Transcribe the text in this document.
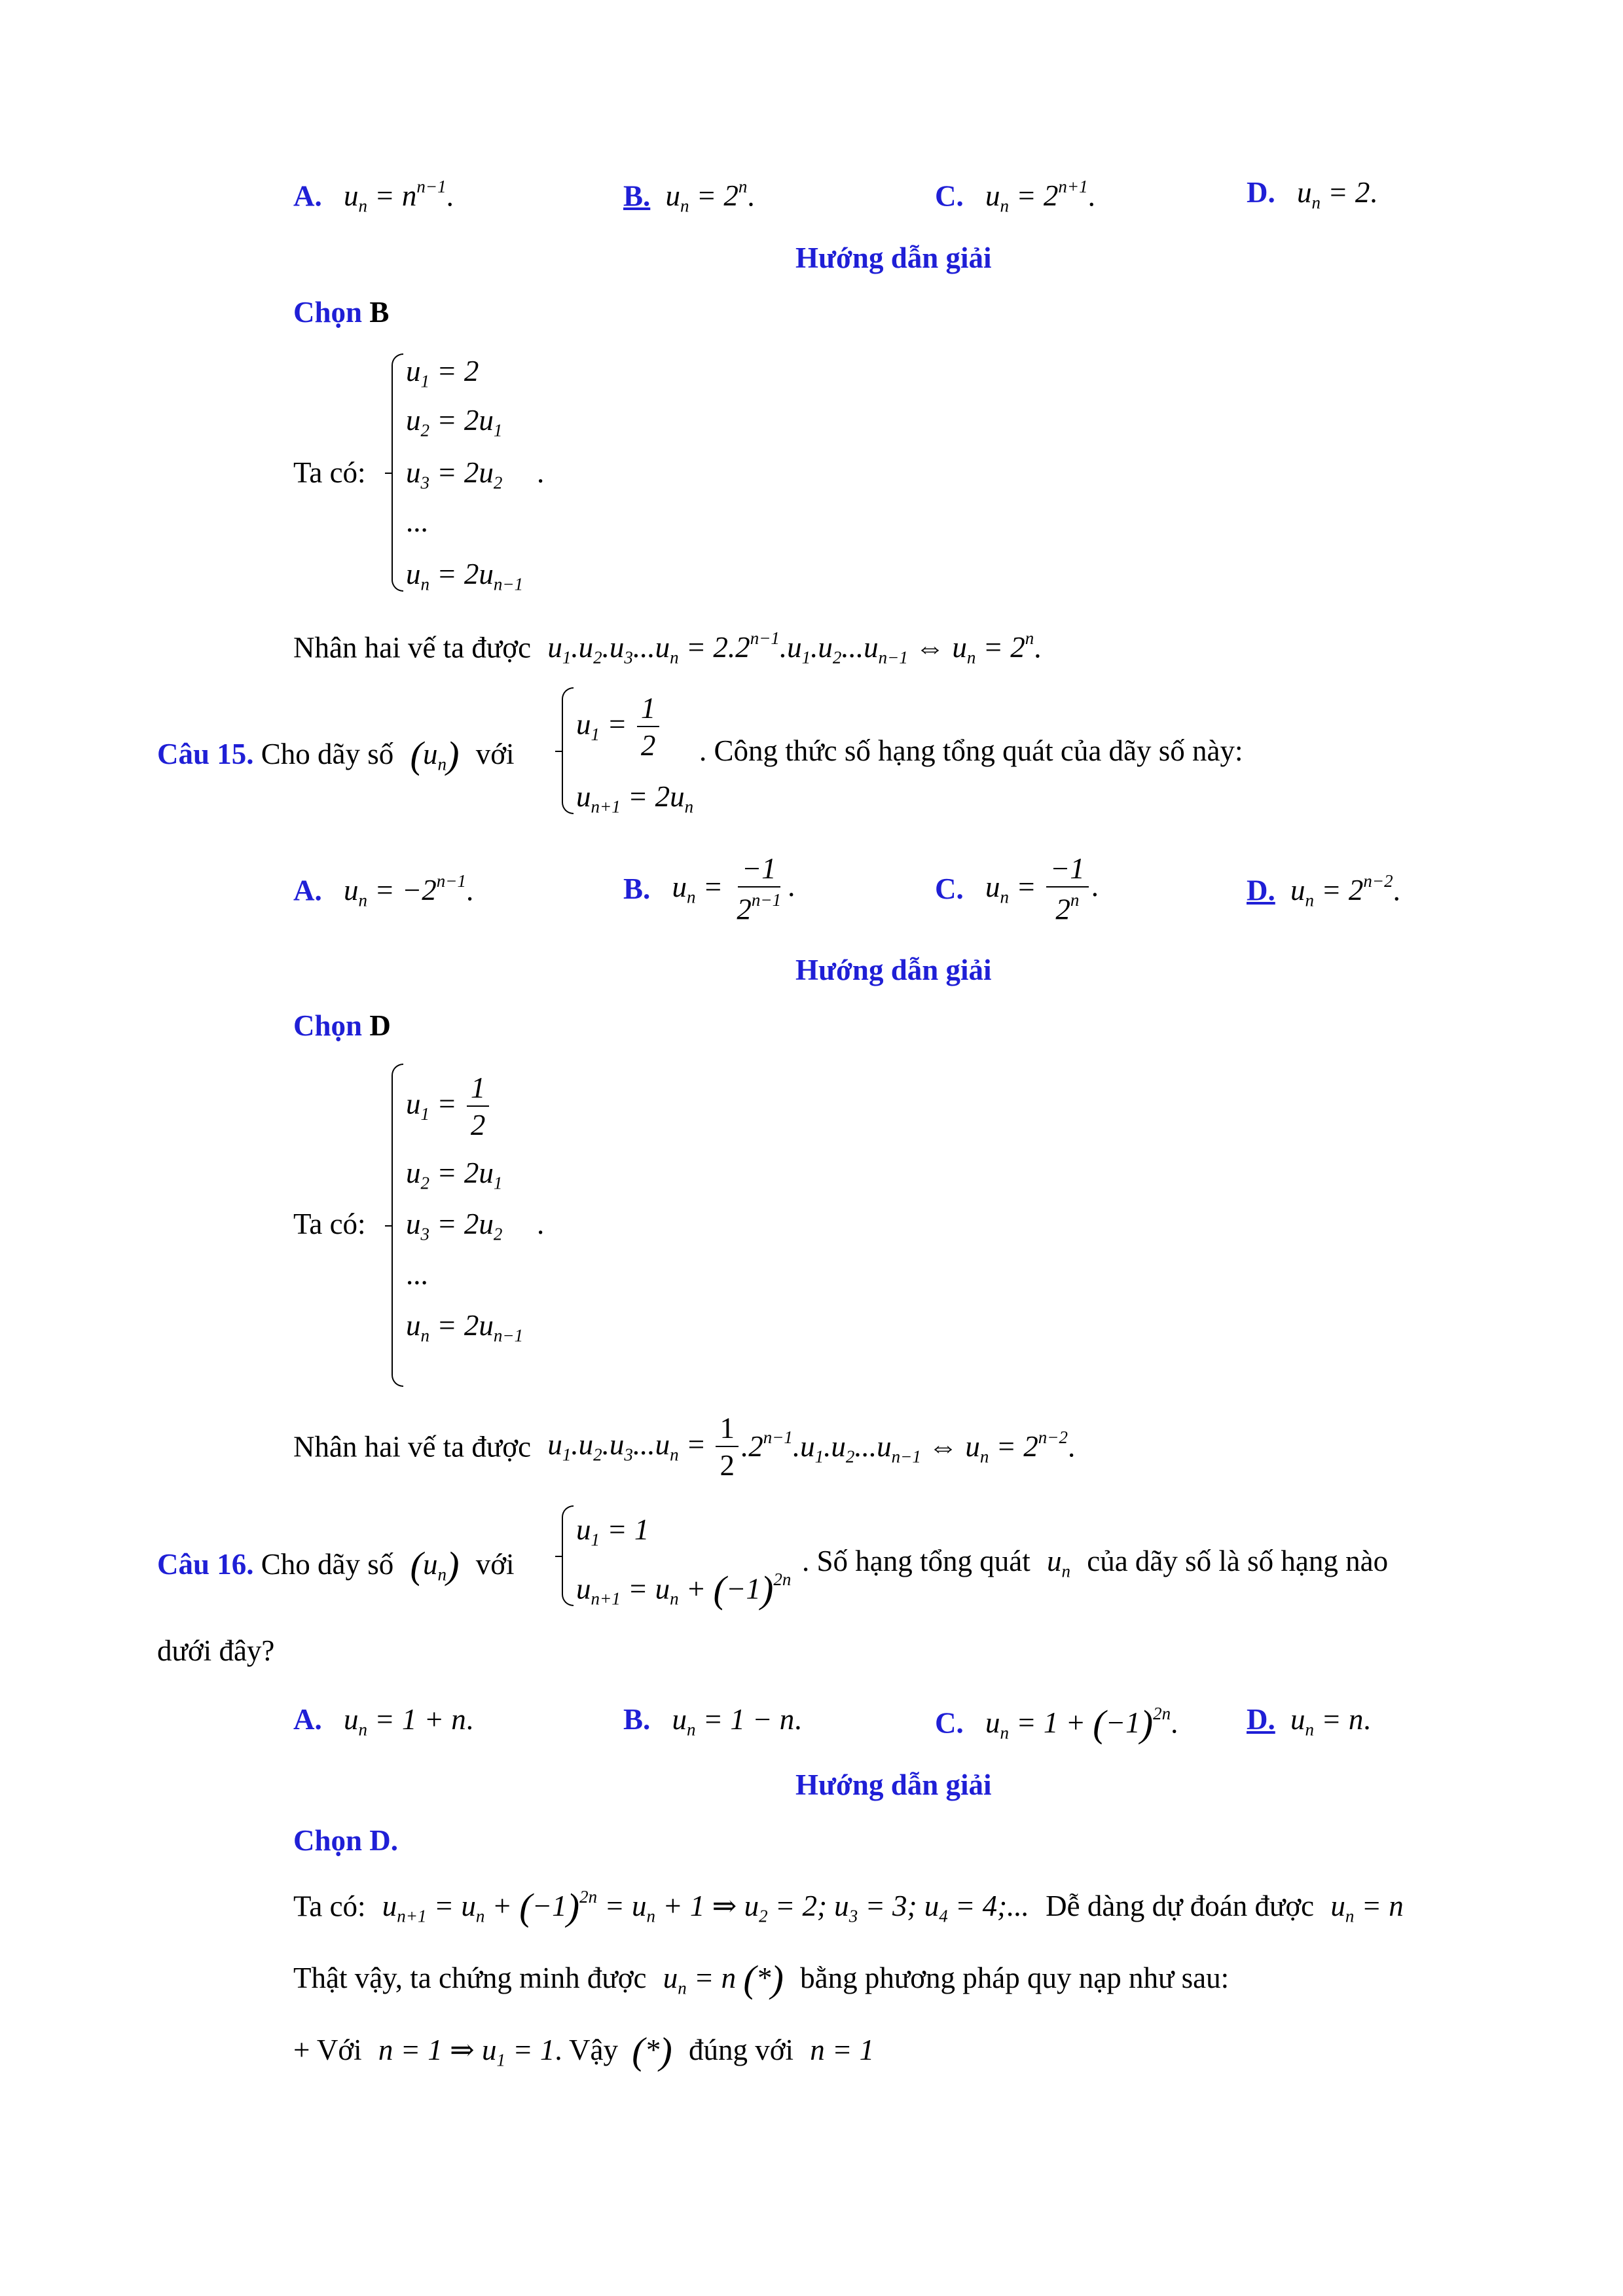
A. $u_n = n^{n-1}$.	B. $u_n = 2^n$.	C. $u_n = 2^{n+1}$.	D. $u_n = 2$.
Hướng dẫn giải
Chọn B
Ta có:
$u_1 = 2$
$u_2 = 2u_1$
$u_3 = 2u_2$
...
$u_n = 2u_{n-1}$
.
Nhân hai vế ta được $u_1.u_2.u_3...u_n = 2.2^{n-1}.u_1.u_2...u_{n-1}$ ⇔ $u_n = 2^n$.
Câu 15. Cho dãy số $(u_n)$ với
$u_1 = \frac{1}{2}$
$u_{n+1} = 2u_n$
. Công thức số hạng tổng quát của dãy số này:
A. $u_n = -2^{n-1}$.	B. $u_n = \frac{-1}{2^{n-1}}$ .	C. $u_n = \frac{-1}{2^n}$ .	D. $u_n = 2^{n-2}$.
Hướng dẫn giải
Chọn D
Ta có:
$u_1 = \frac{1}{2}$
$u_2 = 2u_1$
$u_3 = 2u_2$
...
$u_n = 2u_{n-1}$
.
Nhân hai vế ta được $u_1.u_2.u_3...u_n = \frac{1}{2} .2^{n-1}.u_1.u_2...u_{n-1}$ ⇔ $u_n = 2^{n-2}$.
Câu 16. Cho dãy số $(u_n)$ với
$u_1 = 1$
$u_{n+1} = u_n + (-1)^{2n}$
. Số hạng tổng quát $u_n$ của dãy số là số hạng nào
dưới đây?
A. $u_n = 1 + n$.	B. $u_n = 1 - n$.	C. $u_n = 1 + (-1)^{2n}$. D. $u_n = n$.
Hướng dẫn giải
Chọn D.
Ta có: $u_{n+1} = u_n + (-1)^{2n} = u_n + 1$ ⇒ $u_2 = 2$; $u_3 = 3$; $u_4 = 4$;... Dễ dàng dự đoán được $u_n = n$
Thật vậy, ta chứng minh được $u_n = n$ (*) bằng phương pháp quy nạp như sau:
+ Với n = 1 ⇒ $u_1 = 1$. Vậy (*) đúng với n = 1
